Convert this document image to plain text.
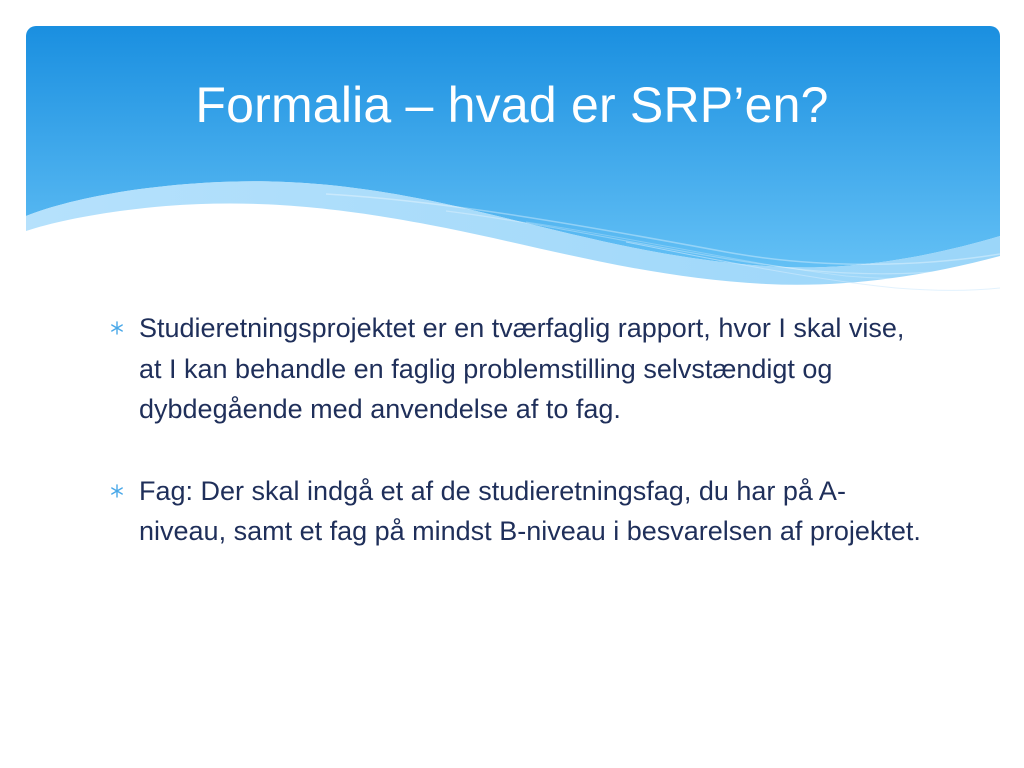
Formalia – hvad er SRP’en?
Studieretningsprojektet er en tværfaglig rapport, hvor I skal vise, at I kan behandle en faglig problemstilling selvstændigt og dybdegående med anvendelse af to fag.
Fag: Der skal indgå et af de studieretningsfag, du har på A-niveau, samt et fag på mindst B-niveau i besvarelsen af projektet.
